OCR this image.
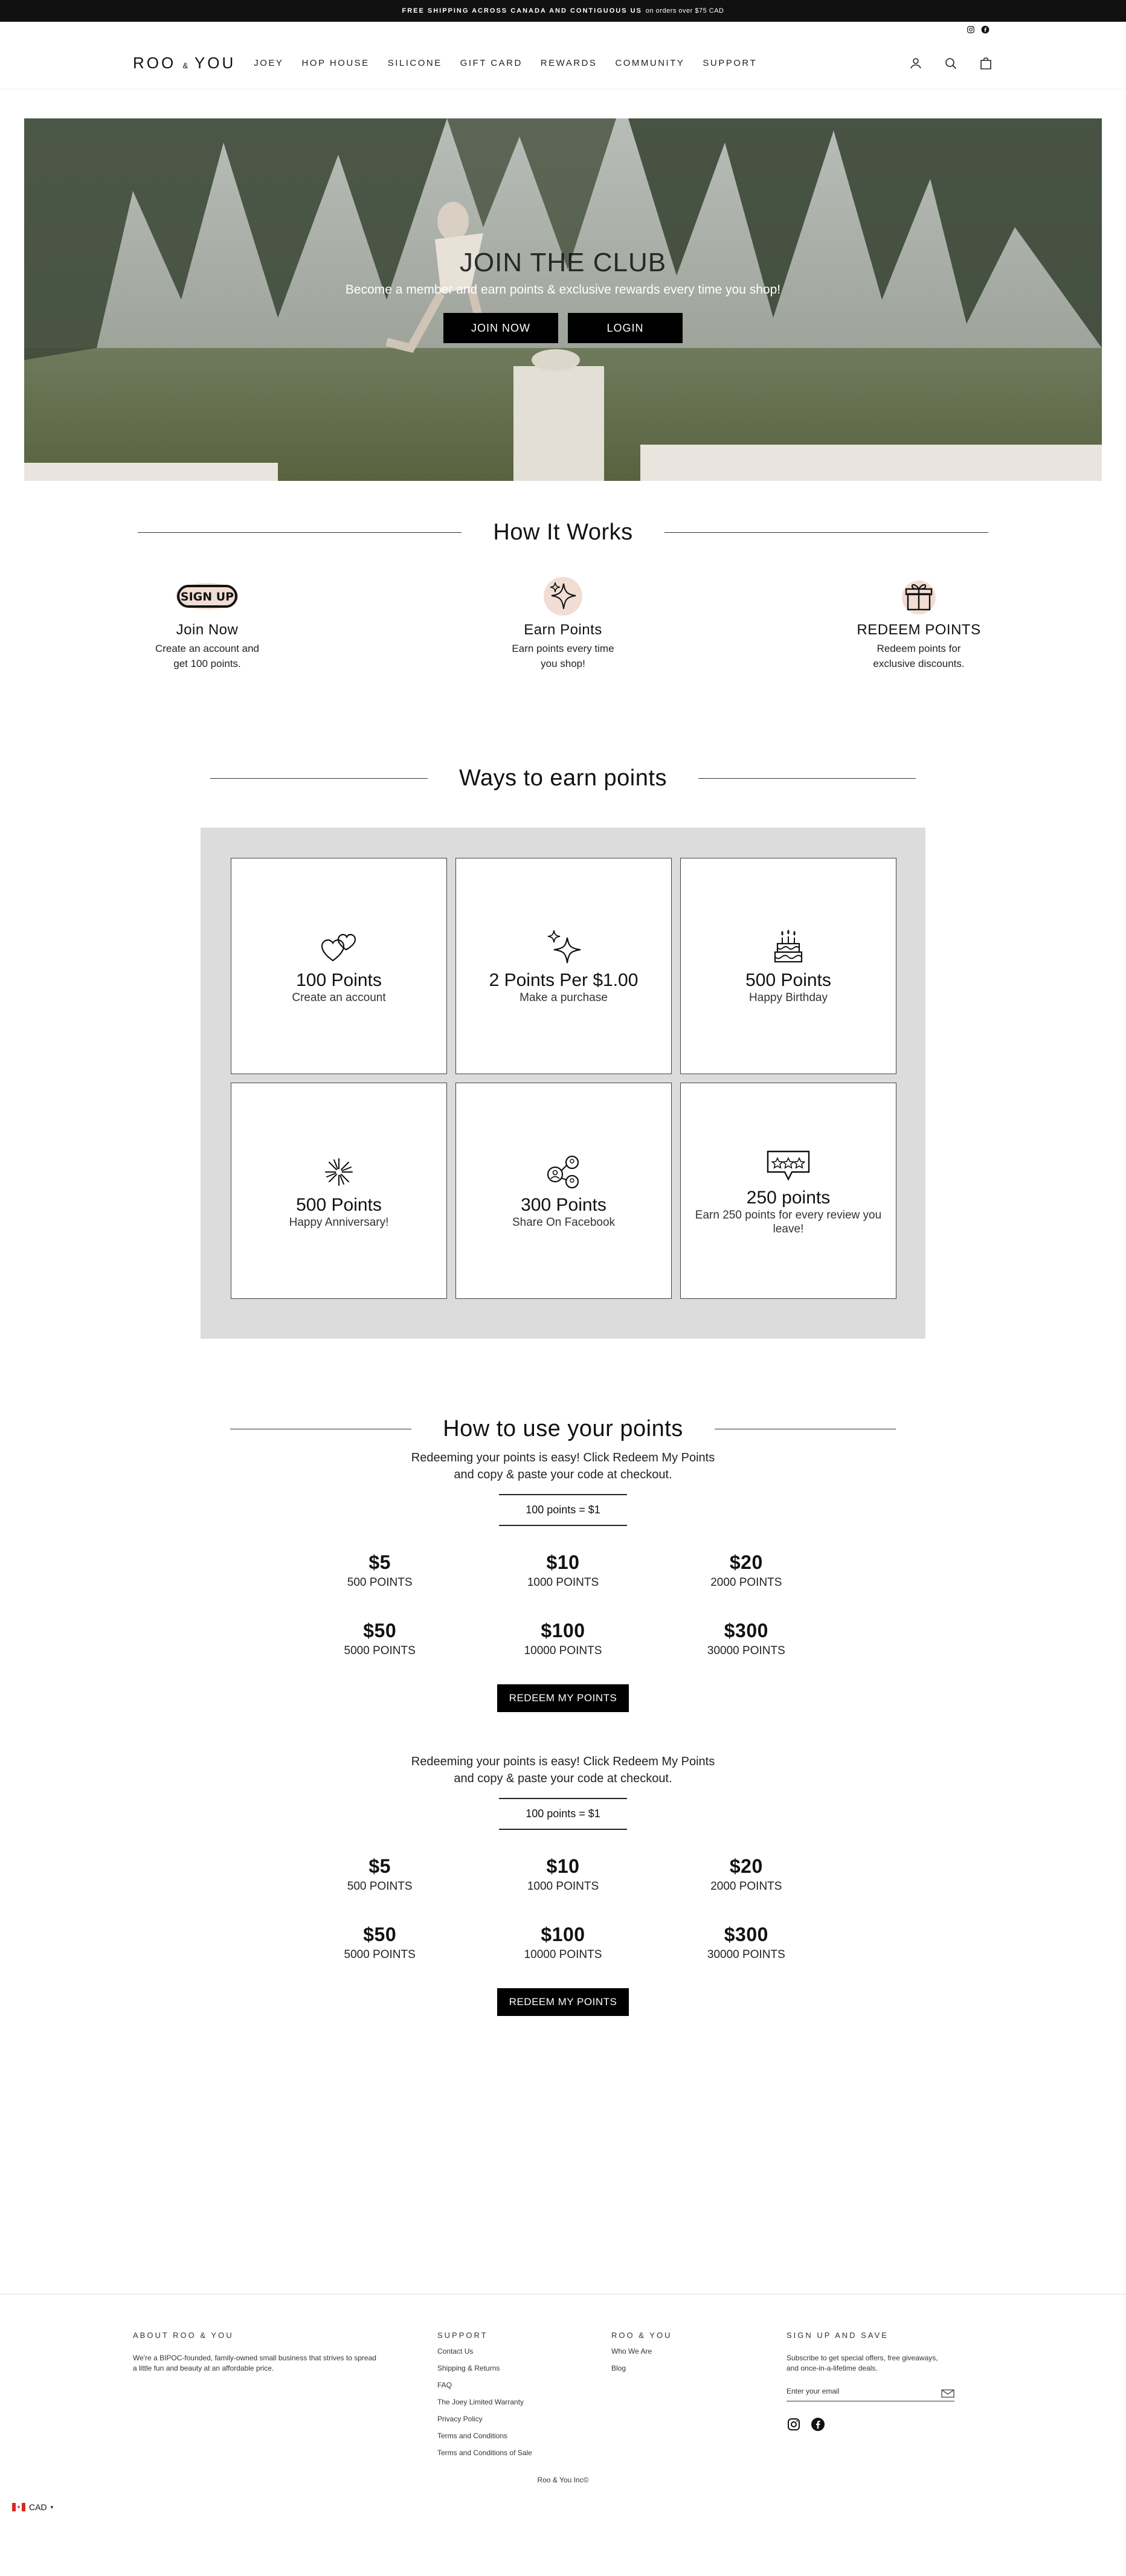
FREE SHIPPING ACROSS CANADA AND CONTIGUOUS US on orders over $75 CAD
ROO & YOU JOEY HOP HOUSE SILICONE GIFT CARD REWARDS COMMUNITY SUPPORT
JOIN THE CLUB

Become a member and earn points & exclusive rewards every time you shop!

JOIN NOW	LOGIN
How It Works
SIGN UP
Join Now

Create an account and

get 100 points.

Earn Points

Earn points every time

you shop!

REDEEM POINTS

Redeem points for

exclusive discounts.

Ways to earn points
100 Points

Create an account

2 Points Per $1.00

Make a purchase

500 Points

Happy Birthday

500 Points

Happy Anniversary!

300 Points

Share On Facebook

250 points

Earn 250 points for every review you leave!

How to use your points
Redeeming your points is easy! Click Redeem My Points
and copy & paste your code at checkout.
100 points = $1
$5
500 POINTS
$10
1000 POINTS
$20
2000 POINTS
$50
5000 POINTS
$100
10000 POINTS
$300
30000 POINTS
REDEEM MY POINTS
Redeeming your points is easy! Click Redeem My Points
and copy & paste your code at checkout.
100 points = $1
$5
500 POINTS
$10
1000 POINTS
$20
2000 POINTS
$50
5000 POINTS
$100
10000 POINTS
$300
30000 POINTS
REDEEM MY POINTS
ABOUT ROO & YOU

We're a BIPOC-founded, family-owned small business that strives to spread a little fun and beauty at an affordable price.

SUPPORT
Contact Us
Shipping & Returns
FAQ
The Joey Limited Warranty
Privacy Policy
Terms and Conditions
Terms and Conditions of Sale
ROO & YOU
Who We Are
Blog
SIGN UP AND SAVE

Subscribe to get special offers, free giveaways, and once-in-a-lifetime deals.

Enter your email
Roo & You Inc©
✦ CAD ▾
